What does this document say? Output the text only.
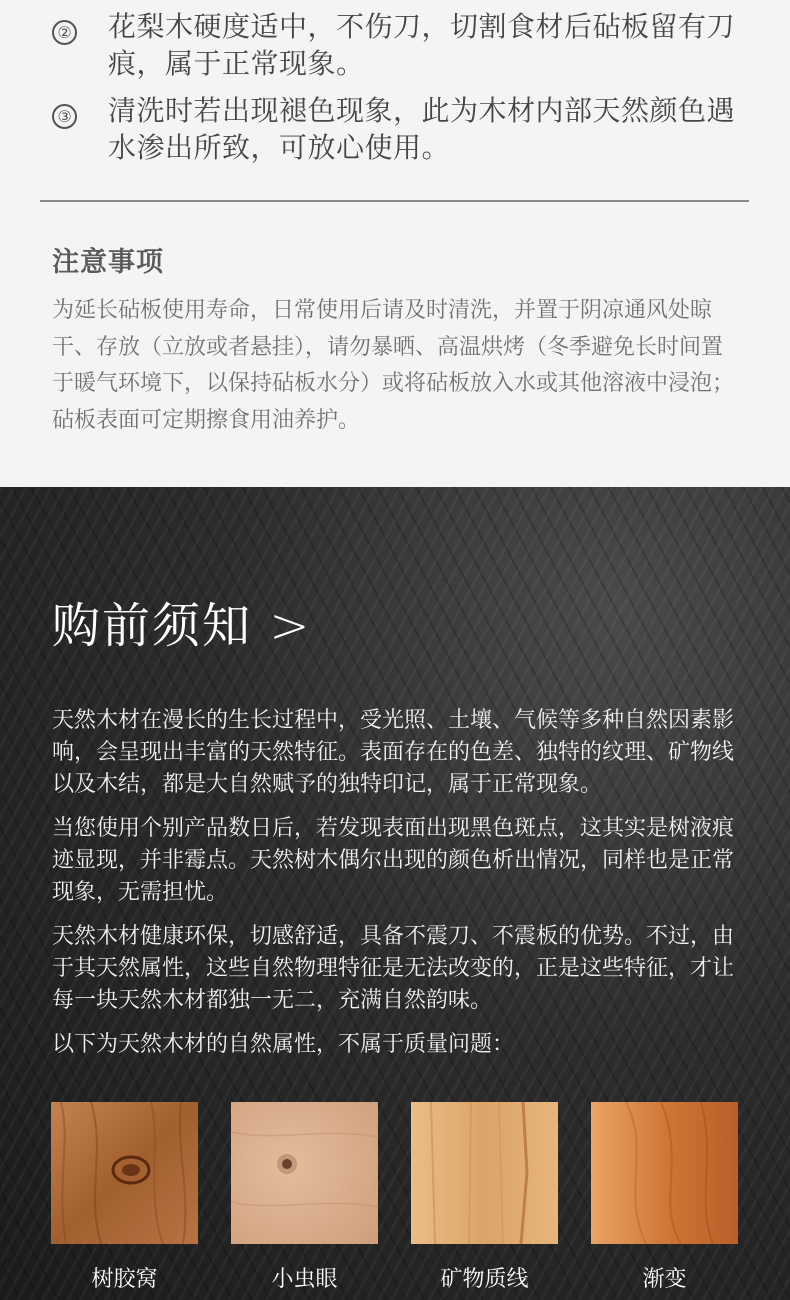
② 花梨木硬度适中，不伤刀，切割食材后砧板留有刀痕，属于正常现象。
③ 清洗时若出现褪色现象，此为木材内部天然颜色遇水渗出所致，可放心使用。
注意事项
为延长砧板使用寿命，日常使用后请及时清洗，并置于阴凉通风处晾干、存放（立放或者悬挂），请勿暴晒、高温烘烤（冬季避免长时间置于暖气环境下，以保持砧板水分）或将砧板放入水或其他溶液中浸泡；砧板表面可定期擦食用油养护。
购前须知 >

天然木材在漫长的生长过程中，受光照、土壤、气候等多种自然因素影响，会呈现出丰富的天然特征。表面存在的色差、独特的纹理、矿物线以及木结，都是大自然赋予的独特印记，属于正常现象。

当您使用个别产品数日后，若发现表面出现黑色斑点，这其实是树液痕迹显现，并非霉点。天然树木偶尔出现的颜色析出情况，同样也是正常现象，无需担忧。

天然木材健康环保，切感舒适，具备不震刀、不震板的优势。不过，由于其天然属性，这些自然物理特征是无法改变的，正是这些特征，才让每一块天然木材都独一无二，充满自然韵味。

以下为天然木材的自然属性，不属于质量问题：

树胶窝	小虫眼	矿物质线	渐变
